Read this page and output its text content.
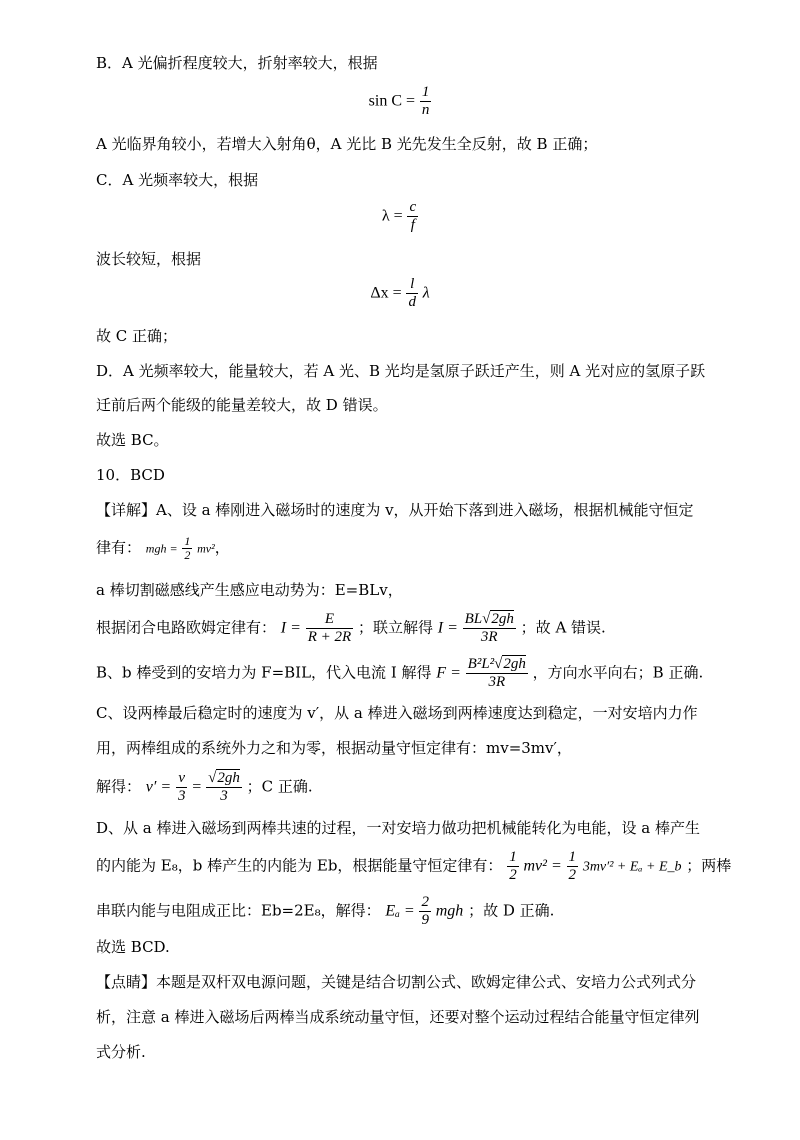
B．A 光偏折程度较大，折射率较大，根据
$\sin C = \frac{1}{n}$
A 光临界角较小，若增大入射角θ，A 光比 B 光先发生全反射，故 B 正确；
C．A 光频率较大，根据
$\lambda = \frac{c}{f}$
波长较短，根据
$\Delta x = \frac{l}{d}$ λ
故 C 正确；
D．A 光频率较大，能量较大，若 A 光、B 光均是氢原子跃迁产生，则 A 光对应的氢原子跃
迁前后两个能级的能量差较大，故 D 错误。
故选 BC。
10．BCD
【详解】A、设 a 棒刚进入磁场时的速度为 v，从开始下落到进入磁场，根据机械能守恒定
律有： mgh = $\frac{1}{2} mv^2$，
a 棒切割磁感线产生感应电动势为：E=BLv，
根据闭合电路欧姆定律有： $I = \frac{E}{R + 2R}$ ；联立解得 $I = \frac{BL√2gh}{3R}$ ；故 A 错误.
B、b 棒受到的安培力为 F=BIL，代入电流 I 解得 $F = \frac{\text{B²L²√2gh}}{3R}$ ，方向水平向右；B 正确.
C、设两棒最后稳定时的速度为 v′，从 a 棒进入磁场到两棒速度达到稳定，一对安培内力作
用，两棒组成的系统外力之和为零，根据动量守恒定律有：mv=3mv′，
解得： $v' = \frac{v}{3} = \frac{√2gh}{3}$ ；C 正确.
D、从 a 棒进入磁场到两棒共速的过程，一对安培力做功把机械能转化为电能，设 a 棒产生
的内能为 E₈，b 棒产生的内能为 Eb，根据能量守恒定律有： $\frac{1}{2} mv^2 = \frac{1}{2} 3mv'^2 + E_a$ + E_b ；两棒
串联内能与电阻成正比：Eb=2E₈，解得： $E_a = \frac{2}{9}$ mgh ；故 D 正确.
故选 BCD.
【点睛】本题是双杆双电源问题，关键是结合切割公式、欧姆定律公式、安培力公式列式分
析，注意 a 棒进入磁场后两棒当成系统动量守恒，还要对整个运动过程结合能量守恒定律列
式分析.
